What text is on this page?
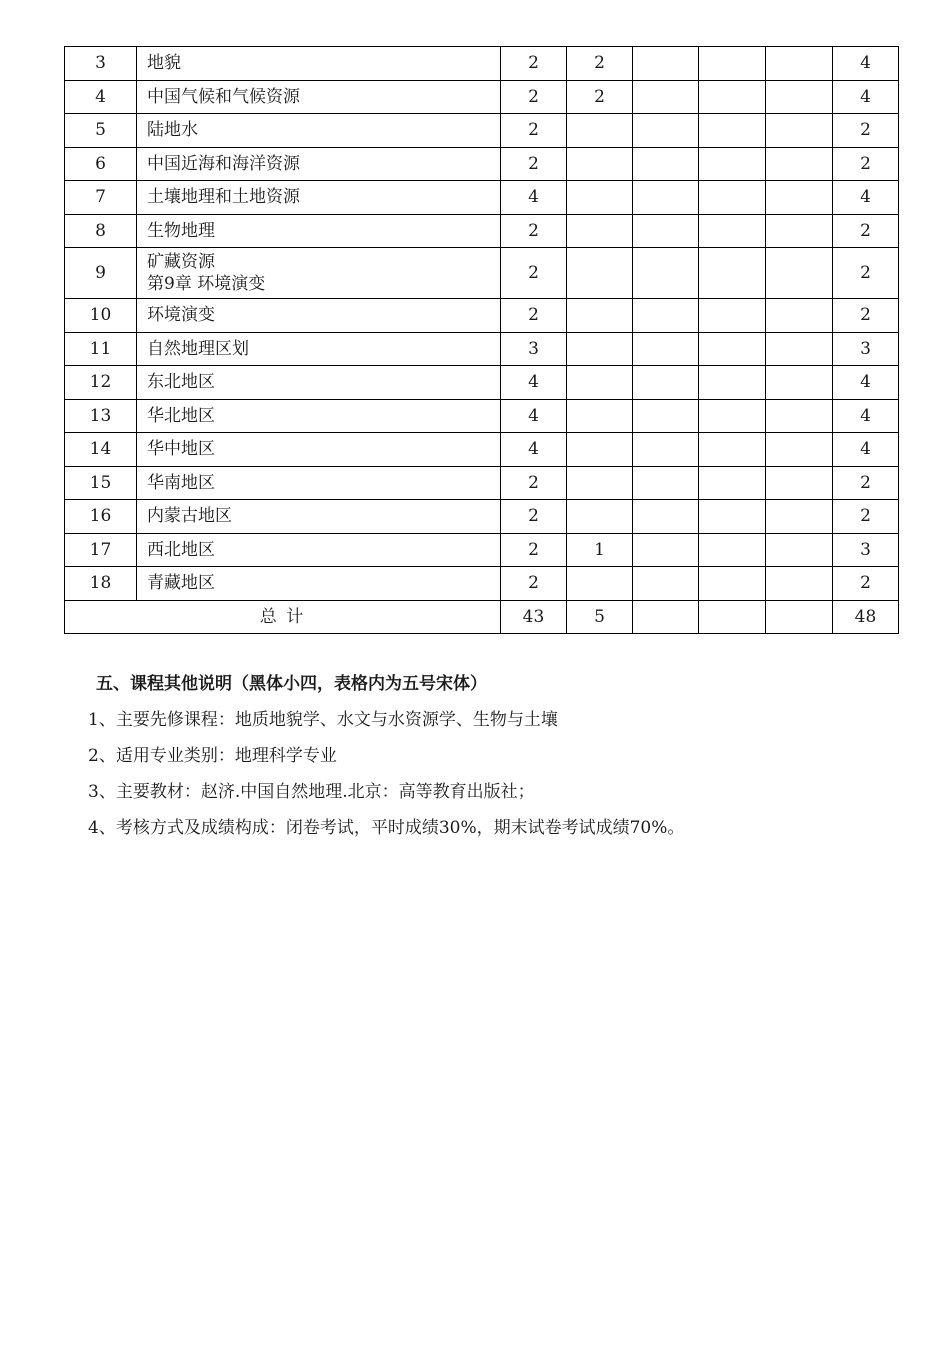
3	地貌	2	2				4
4	中国气候和气候资源	2	2				4
5	陆地水	2					2
6	中国近海和海洋资源	2					2
7	土壤地理和土地资源	4					4
8	生物地理	2					2
9	矿藏资源
第9章 环境演变	2					2
10	环境演变	2					2
11	自然地理区划	3					3
12	东北地区	4					4
13	华北地区	4					4
14	华中地区	4					4
15	华南地区	2					2
16	内蒙古地区	2					2
17	西北地区	2	1				3
18	青藏地区	2					2
总 计		43	5				48
五、课程其他说明（黑体小四，表格内为五号宋体）
1、主要先修课程：地质地貌学、水文与水资源学、生物与土壤
2、适用专业类别：地理科学专业
3、主要教材：赵济.中国自然地理.北京：高等教育出版社；
4、考核方式及成绩构成：闭卷考试，平时成绩30%，期末试卷考试成绩70%。
